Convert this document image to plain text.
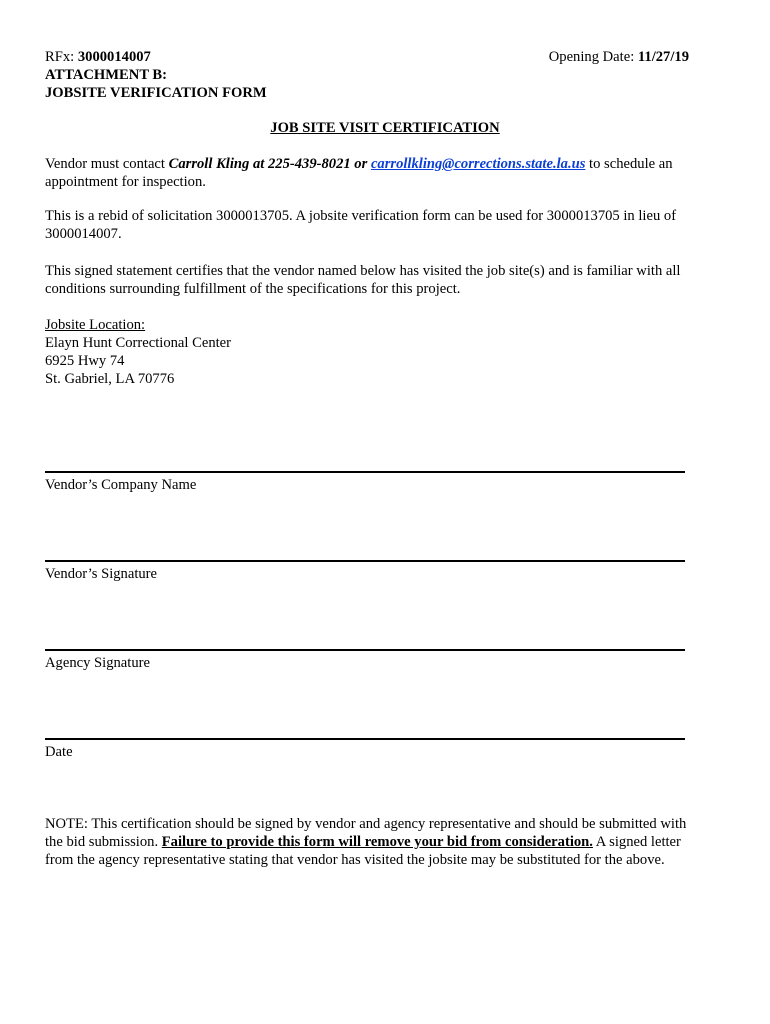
RFx: 3000014007	Opening Date: 11/27/19
ATTACHMENT B:
JOBSITE VERIFICATION FORM
JOB SITE VISIT CERTIFICATION
Vendor must contact Carroll Kling at 225-439-8021 or carrollkling@corrections.state.la.us to schedule an
appointment for inspection.
This is a rebid of solicitation 3000013705. A jobsite verification form can be used for 3000013705 in lieu of
3000014007.
This signed statement certifies that the vendor named below has visited the job site(s) and is familiar with all
conditions surrounding fulfillment of the specifications for this project.
Jobsite Location:
Elayn Hunt Correctional Center
6925 Hwy 74
St. Gabriel, LA 70776
Vendor’s Company Name
Vendor’s Signature
Agency Signature
Date
NOTE: This certification should be signed by vendor and agency representative and should be submitted with
the bid submission. Failure to provide this form will remove your bid from consideration. A signed letter
from the agency representative stating that vendor has visited the jobsite may be substituted for the above.
